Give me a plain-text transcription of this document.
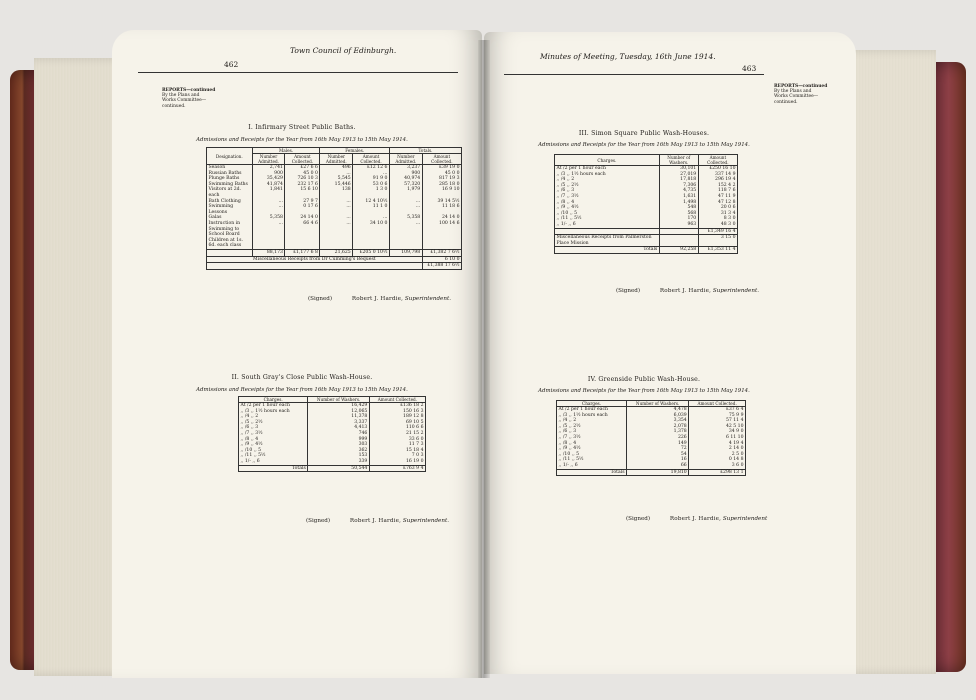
462
Town Council of Edinburgh.
REPORTS—continued
By the Plans and
Works Committee—
continued.
I. Infirmary Street Public Baths.
Admissions and Receipts for the Year from 16th May 1913 to 15th May 1914.
Designation.	Males.		Females.		Totals.	
	Number Admitted.	Amount Collected.	Number Admitted.	Amount Collected.	Number Admitted.	Amount Collected.
Season	2,741	£27 6 6	496	£12 12 6	3,237	£39 19 0
Russian Baths	900	45 0 0	...	...	900	45 0 0
Plunge Baths	35,429	726 10 3	5,545	91 9 0	40,974	817 19 3
Swimming Baths	41,874	232 17 6	15,446	53 0 6	57,320	285 18 0
Visitors at 2d. each	1,841	15 6 10	138	1 3 0	1,979	16 9 10
Bath Clothing	...	27 9 7	...	12 4 10½	...	39 14 5½
Swimming Lessons	...	0 17 6	...	11 1 0	...	11 18 6
Galas	5,358	24 14 0	...	...	5,358	24 14 0
Instruction in Swimming to School Board Children at 1s. 6d. each class	...	66 4 6	...	34 10 0	...	100 14 6
	88,173	£1,177 6 8	21,625	£205 0 10½	109,798	£1,382 7 6½
Miscellaneous Receipts from Dr Cumming's Bequest						6 10 0
						£1,388 17 6½
(Signed)	Robert J. Hardie, Superintendent.
II. South Gray's Close Public Wash-House.
Admissions and Receipts for the Year from 16th May 1913 to 15th May 1914.
Charges.	Number of Washers.	Amount Collected.
At /2 per 1 hour each	16,429	£136 18 2
,, /3 ,, 1½ hours each	12,065	150 16 3
,, /4 ,, 2	11,378	189 12 8
,, /5 ,, 2½	3,337	69 10 5
,, /6 ,, 3	4,413	110 6 6
,, /7 ,, 3½	746	21 15 2
,, /8 ,, 4	999	33 6 0
,, /9 ,, 4½	303	11 7 3
,, /10 ,, 5	362	15 18 4
,, /11 ,, 5½	153	7 0 3
,, 1/- ,, 6	339	16 19 0
Totals	50,544	£763 9 4
(Signed)	Robert J. Hardie, Superintendent.
Minutes of Meeting, Tuesday, 16th June 1914.
463
REPORTS—continued
By the Plans and
Works Committee—
continued.
III. Simon Square Public Wash-Houses.
Admissions and Receipts for the Year from 16th May 1913 to 15th May 1914.
Charges.	Number of Washers.	Amount Collected.
At /2 per 1 hour each	30,101	£250 16 10
,, /3 ,, 1½ hours each	27,019	337 14 9
,, /4 ,, 2	17,818	296 19 4
,, /5 ,, 2½	7,306	152 4 2
,, /6 ,, 3	4,735	118 7 6
,, /7 ,, 3½	1,631	47 11 9
,, /8 ,, 4	1,498	47 12 8
,, /9 ,, 4½	548	20 0 6
,, /10 ,, 5	568	31 3 4
,, /11 ,, 5½	170	8 3 0
,, 1/- ,, 6	963	48 3 0
		£1,349 16 4
Miscellaneous Receipts from Palmerston Place Mission		3 15 0
Totals	92,258	£1,353 11 4
(Signed)	Robert J. Hardie, Superintendent.
IV. Greenside Public Wash-House.
Admissions and Receipts for the Year from 16th May 1913 to 15th May 1914.
Charges.	Number of Washers.	Amount Collected.
At /2 per 1 hour each	4,478	£37 6 4
,, /3 ,, 1½ hours each	6,039	75 9 9
,, /4 ,, 2	3,354	57 11 4
,, /5 ,, 2½	2,078	42 5 10
,, /6 ,, 3	1,378	34 9 0
,, /7 ,, 3½	226	6 11 10
,, /8 ,, 4	149	4 19 4
,, /9 ,, 4½	72	2 14 0
,, /10 ,, 5	54	2 5 0
,, /11 ,, 5½	16	0 14 8
,, 1/- ,, 6	66	3 6 0
Totals	19,810	£298 13 1
(Signed)	Robert J. Hardie, Superintendent
